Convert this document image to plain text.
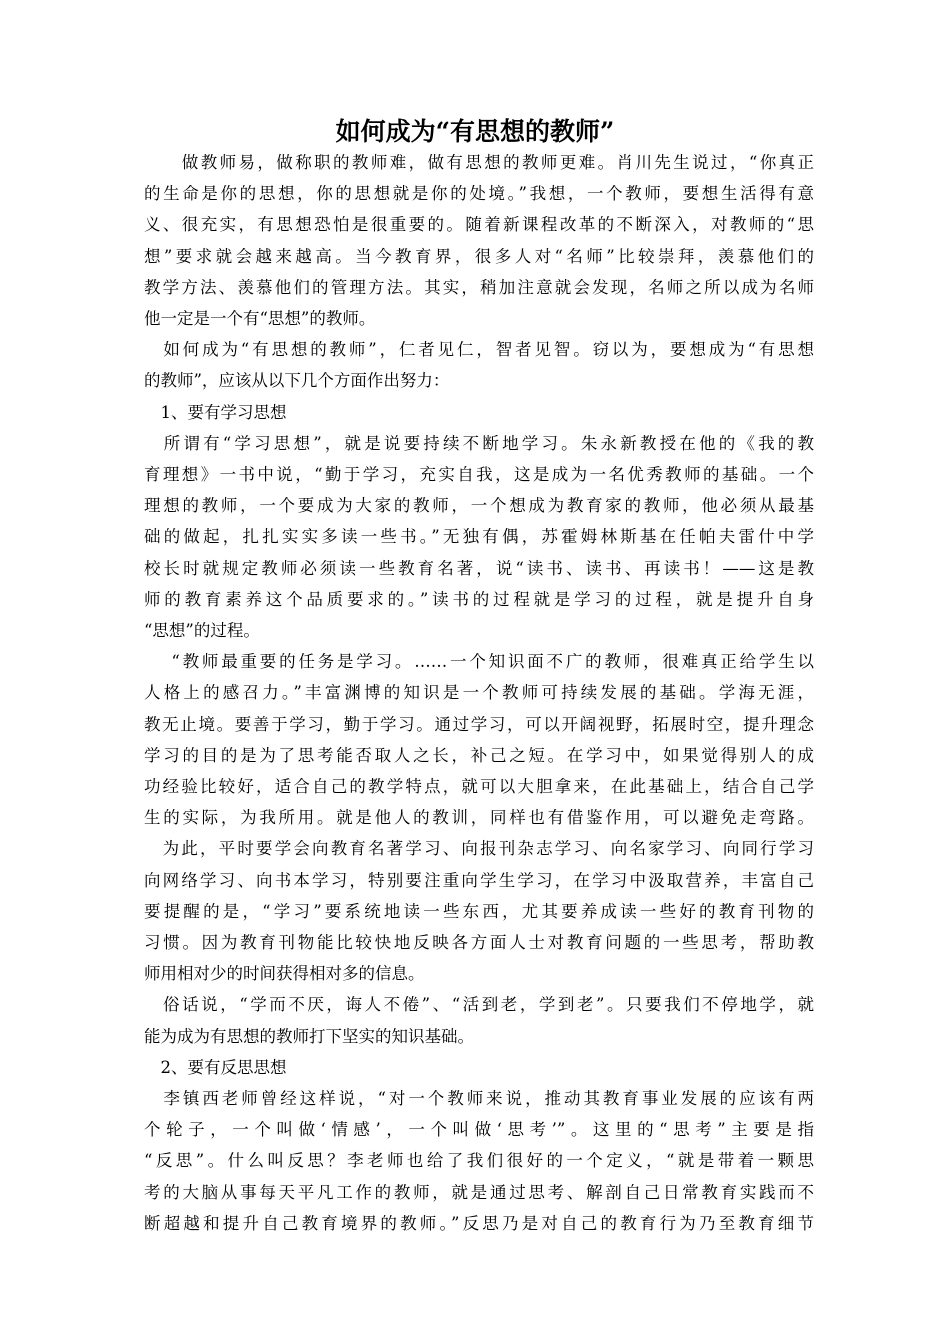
如何成为“有思想的教师”
　　做教师易，做称职的教师难，做有思想的教师更难。肖川先生说过，“你真正
的生命是你的思想，你的思想就是你的处境。”我想，一个教师，要想生活得有意
义、很充实，有思想恐怕是很重要的。随着新课程改革的不断深入，对教师的“思
想”要求就会越来越高。当今教育界，很多人对“名师”比较崇拜，羡慕他们的
教学方法、羡慕他们的管理方法。其实，稍加注意就会发现，名师之所以成为名师
他一定是一个有“思想”的教师。
　如何成为“有思想的教师”，仁者见仁，智者见智。窃以为，要想成为“有思想
的教师”，应该从以下几个方面作出努力：
　1、要有学习思想
　所谓有“学习思想”，就是说要持续不断地学习。朱永新教授在他的《我的教
育理想》一书中说，“勤于学习，充实自我，这是成为一名优秀教师的基础。一个
理想的教师，一个要成为大家的教师，一个想成为教育家的教师，他必须从最基
础的做起，扎扎实实多读一些书。”无独有偶，苏霍姆林斯基在任帕夫雷什中学
校长时就规定教师必须读一些教育名著，说“读书、读书、再读书！——这是教
师的教育素养这个品质要求的。”读书的过程就是学习的过程，就是提升自身
“思想”的过程。
　 “教师最重要的任务是学习。……一个知识面不广的教师，很难真正给学生以
人格上的感召力。”丰富渊博的知识是一个教师可持续发展的基础。学海无涯，
教无止境。要善于学习，勤于学习。通过学习，可以开阔视野，拓展时空，提升理念
学习的目的是为了思考能否取人之长，补己之短。在学习中，如果觉得别人的成
功经验比较好，适合自己的教学特点，就可以大胆拿来，在此基础上，结合自己学
生的实际，为我所用。就是他人的教训，同样也有借鉴作用，可以避免走弯路。
　为此，平时要学会向教育名著学习、向报刊杂志学习、向名家学习、向同行学习
向网络学习、向书本学习，特别要注重向学生学习，在学习中汲取营养，丰富自己
要提醒的是，“学习”要系统地读一些东西，尤其要养成读一些好的教育刊物的
习惯。因为教育刊物能比较快地反映各方面人士对教育问题的一些思考，帮助教
师用相对少的时间获得相对多的信息。
　俗话说，“学而不厌，诲人不倦”、“活到老，学到老”。只要我们不停地学，就
能为成为有思想的教师打下坚实的知识基础。
　2、要有反思思想
　李镇西老师曾经这样说，“对一个教师来说，推动其教育事业发展的应该有两
个轮子，一个叫做‘情感’，一个叫做‘思考’”。这里的“思考”主要是指
“反思”。什么叫反思？李老师也给了我们很好的一个定义，“就是带着一颗思
考的大脑从事每天平凡工作的教师，就是通过思考、解剖自己日常教育实践而不
断超越和提升自己教育境界的教师。”反思乃是对自己的教育行为乃至教育细节
